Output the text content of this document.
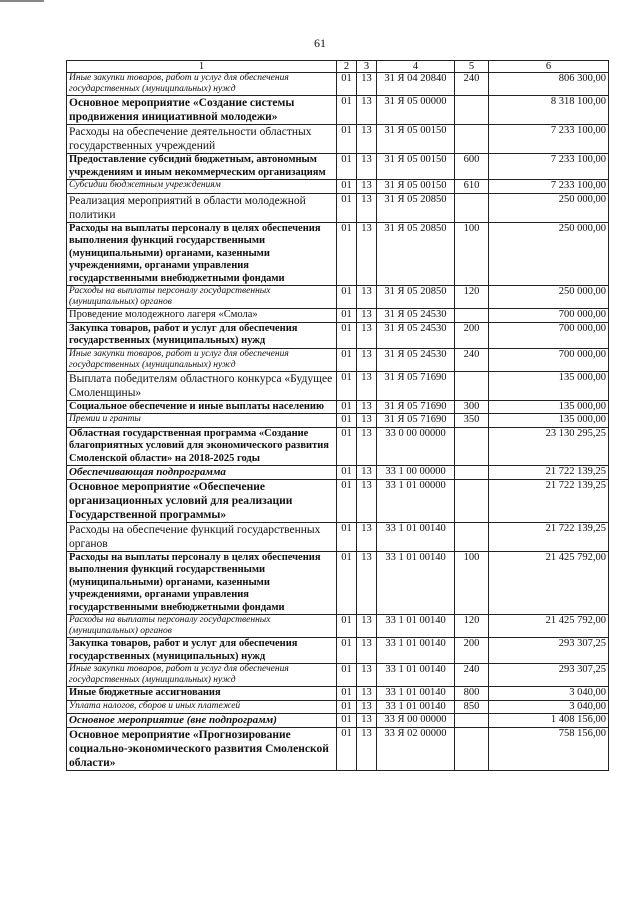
61
1	2	3	4	5	6
Иные закупки товаров, работ и услуг для обеспечения государственных (муниципальных) нужд	01	13	31 Я 04 20840	240	806 300,00
Основное мероприятие «Создание системы продвижения инициативной молодежи»	01	13	31 Я 05 00000		8 318 100,00
Расходы на обеспечение деятельности областных государственных учреждений	01	13	31 Я 05 00150		7 233 100,00
Предоставление субсидий бюджетным, автономным учреждениям и иным некоммерческим организациям	01	13	31 Я 05 00150	600	7 233 100,00
Субсидии бюджетным учреждениям	01	13	31 Я 05 00150	610	7 233 100,00
Реализация мероприятий в области молодежной политики	01	13	31 Я 05 20850		250 000,00
Расходы на выплаты персоналу в целях обеспечения выполнения функций государственными (муниципальными) органами, казенными учреждениями, органами управления государственными внебюджетными фондами	01	13	31 Я 05 20850	100	250 000,00
Расходы на выплаты персоналу государственных (муниципальных) органов	01	13	31 Я 05 20850	120	250 000,00
Проведение молодежного лагеря «Смола»	01	13	31 Я 05 24530		700 000,00
Закупка товаров, работ и услуг для обеспечения государственных (муниципальных) нужд	01	13	31 Я 05 24530	200	700 000,00
Иные закупки товаров, работ и услуг для обеспечения государственных (муниципальных) нужд	01	13	31 Я 05 24530	240	700 000,00
Выплата победителям областного конкурса «Будущее Смоленщины»	01	13	31 Я 05 71690		135 000,00
Социальное обеспечение и иные выплаты населению	01	13	31 Я 05 71690	300	135 000,00
Премии и гранты	01	13	31 Я 05 71690	350	135 000,00
Областная государственная программа «Создание благоприятных условий для экономического развития Смоленской области» на 2018-2025 годы	01	13	33 0 00 00000		23 130 295,25
Обеспечивающая подпрограмма	01	13	33 1 00 00000		21 722 139,25
Основное мероприятие «Обеспечение организационных условий для реализации Государственной программы»	01	13	33 1 01 00000		21 722 139,25
Расходы на обеспечение функций государственных органов	01	13	33 1 01 00140		21 722 139,25
Расходы на выплаты персоналу в целях обеспечения выполнения функций государственными (муниципальными) органами, казенными учреждениями, органами управления государственными внебюджетными фондами	01	13	33 1 01 00140	100	21 425 792,00
Расходы на выплаты персоналу государственных (муниципальных) органов	01	13	33 1 01 00140	120	21 425 792,00
Закупка товаров, работ и услуг для обеспечения государственных (муниципальных) нужд	01	13	33 1 01 00140	200	293 307,25
Иные закупки товаров, работ и услуг для обеспечения государственных (муниципальных) нужд	01	13	33 1 01 00140	240	293 307,25
Иные бюджетные ассигнования	01	13	33 1 01 00140	800	3 040,00
Уплата налогов, сборов и иных платежей	01	13	33 1 01 00140	850	3 040,00
Основное мероприятие (вне подпрограмм)	01	13	33 Я 00 00000		1 408 156,00
Основное мероприятие «Прогнозирование социально-экономического развития Смоленской области»	01	13	33 Я 02 00000		758 156,00
